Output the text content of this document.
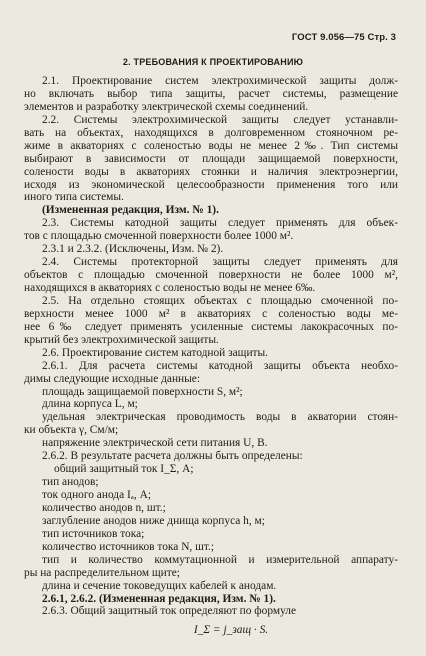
ГОСТ 9.056—75 Стр. 3
2. ТРЕБОВАНИЯ К ПРОЕКТИРОВАНИЮ
2.1. Проектирование систем электрохимической защиты долж-
но включать выбор типа защиты, расчет системы, размещение
элементов и разработку электрической схемы соединений.
2.2. Системы электрохимической защиты следует устанавли-
вать на объектах, находящихся в долговременном стояночном ре-
жиме в акваториях с соленостью воды не менее 2‰. Тип системы
выбирают в зависимости от площади защищаемой поверхности,
солености воды в акваториях стоянки и наличия электроэнергии,
исходя из экономической целесообразности применения того или
иного типа системы.
(Измененная редакция, Изм. № 1).
2.3. Системы катодной защиты следует применять для объек-
тов с площадью смоченной поверхности более 1000 м².
2.3.1 и 2.3.2. (Исключены, Изм. № 2).
2.4. Системы протекторной защиты следует применять для
объектов с площадью смоченной поверхности не более 1000 м²,
находящихся в акваториях с соленостью воды не менее 6‰.
2.5. На отдельно стоящих объектах с площадью смоченной по-
верхности менее 1000 м² в акваториях с соленостью воды ме-
нее 6‰ следует применять усиленные системы лакокрасочных по-
крытий без электрохимической защиты.
2.6. Проектирование систем катодной защиты.
2.6.1. Для расчета системы катодной защиты объекта необхо-
димы следующие исходные данные:
площадь защищаемой поверхности S, м²;
длина корпуса L, м;
удельная электрическая проводимость воды в акватории стоян-
ки объекта γ, См/м;
напряжение электрической сети питания U, В.
2.6.2. В результате расчета должны быть определены:
общий защитный ток I_Σ, А;
тип анодов;
ток одного анода Iₐ, А;
количество анодов n, шт.;
заглубление анодов ниже днища корпуса h, м;
тип источников тока;
количество источников тока N, шт.;
тип и количество коммутационной и измерительной аппарату-
ры на распределительном щите;
длина и сечение токоведущих кабелей к анодам.
2.6.1, 2.6.2. (Измененная редакция, Изм. № 1).
2.6.3. Общий защитный ток определяют по формуле
I_Σ = j_защ · S.
